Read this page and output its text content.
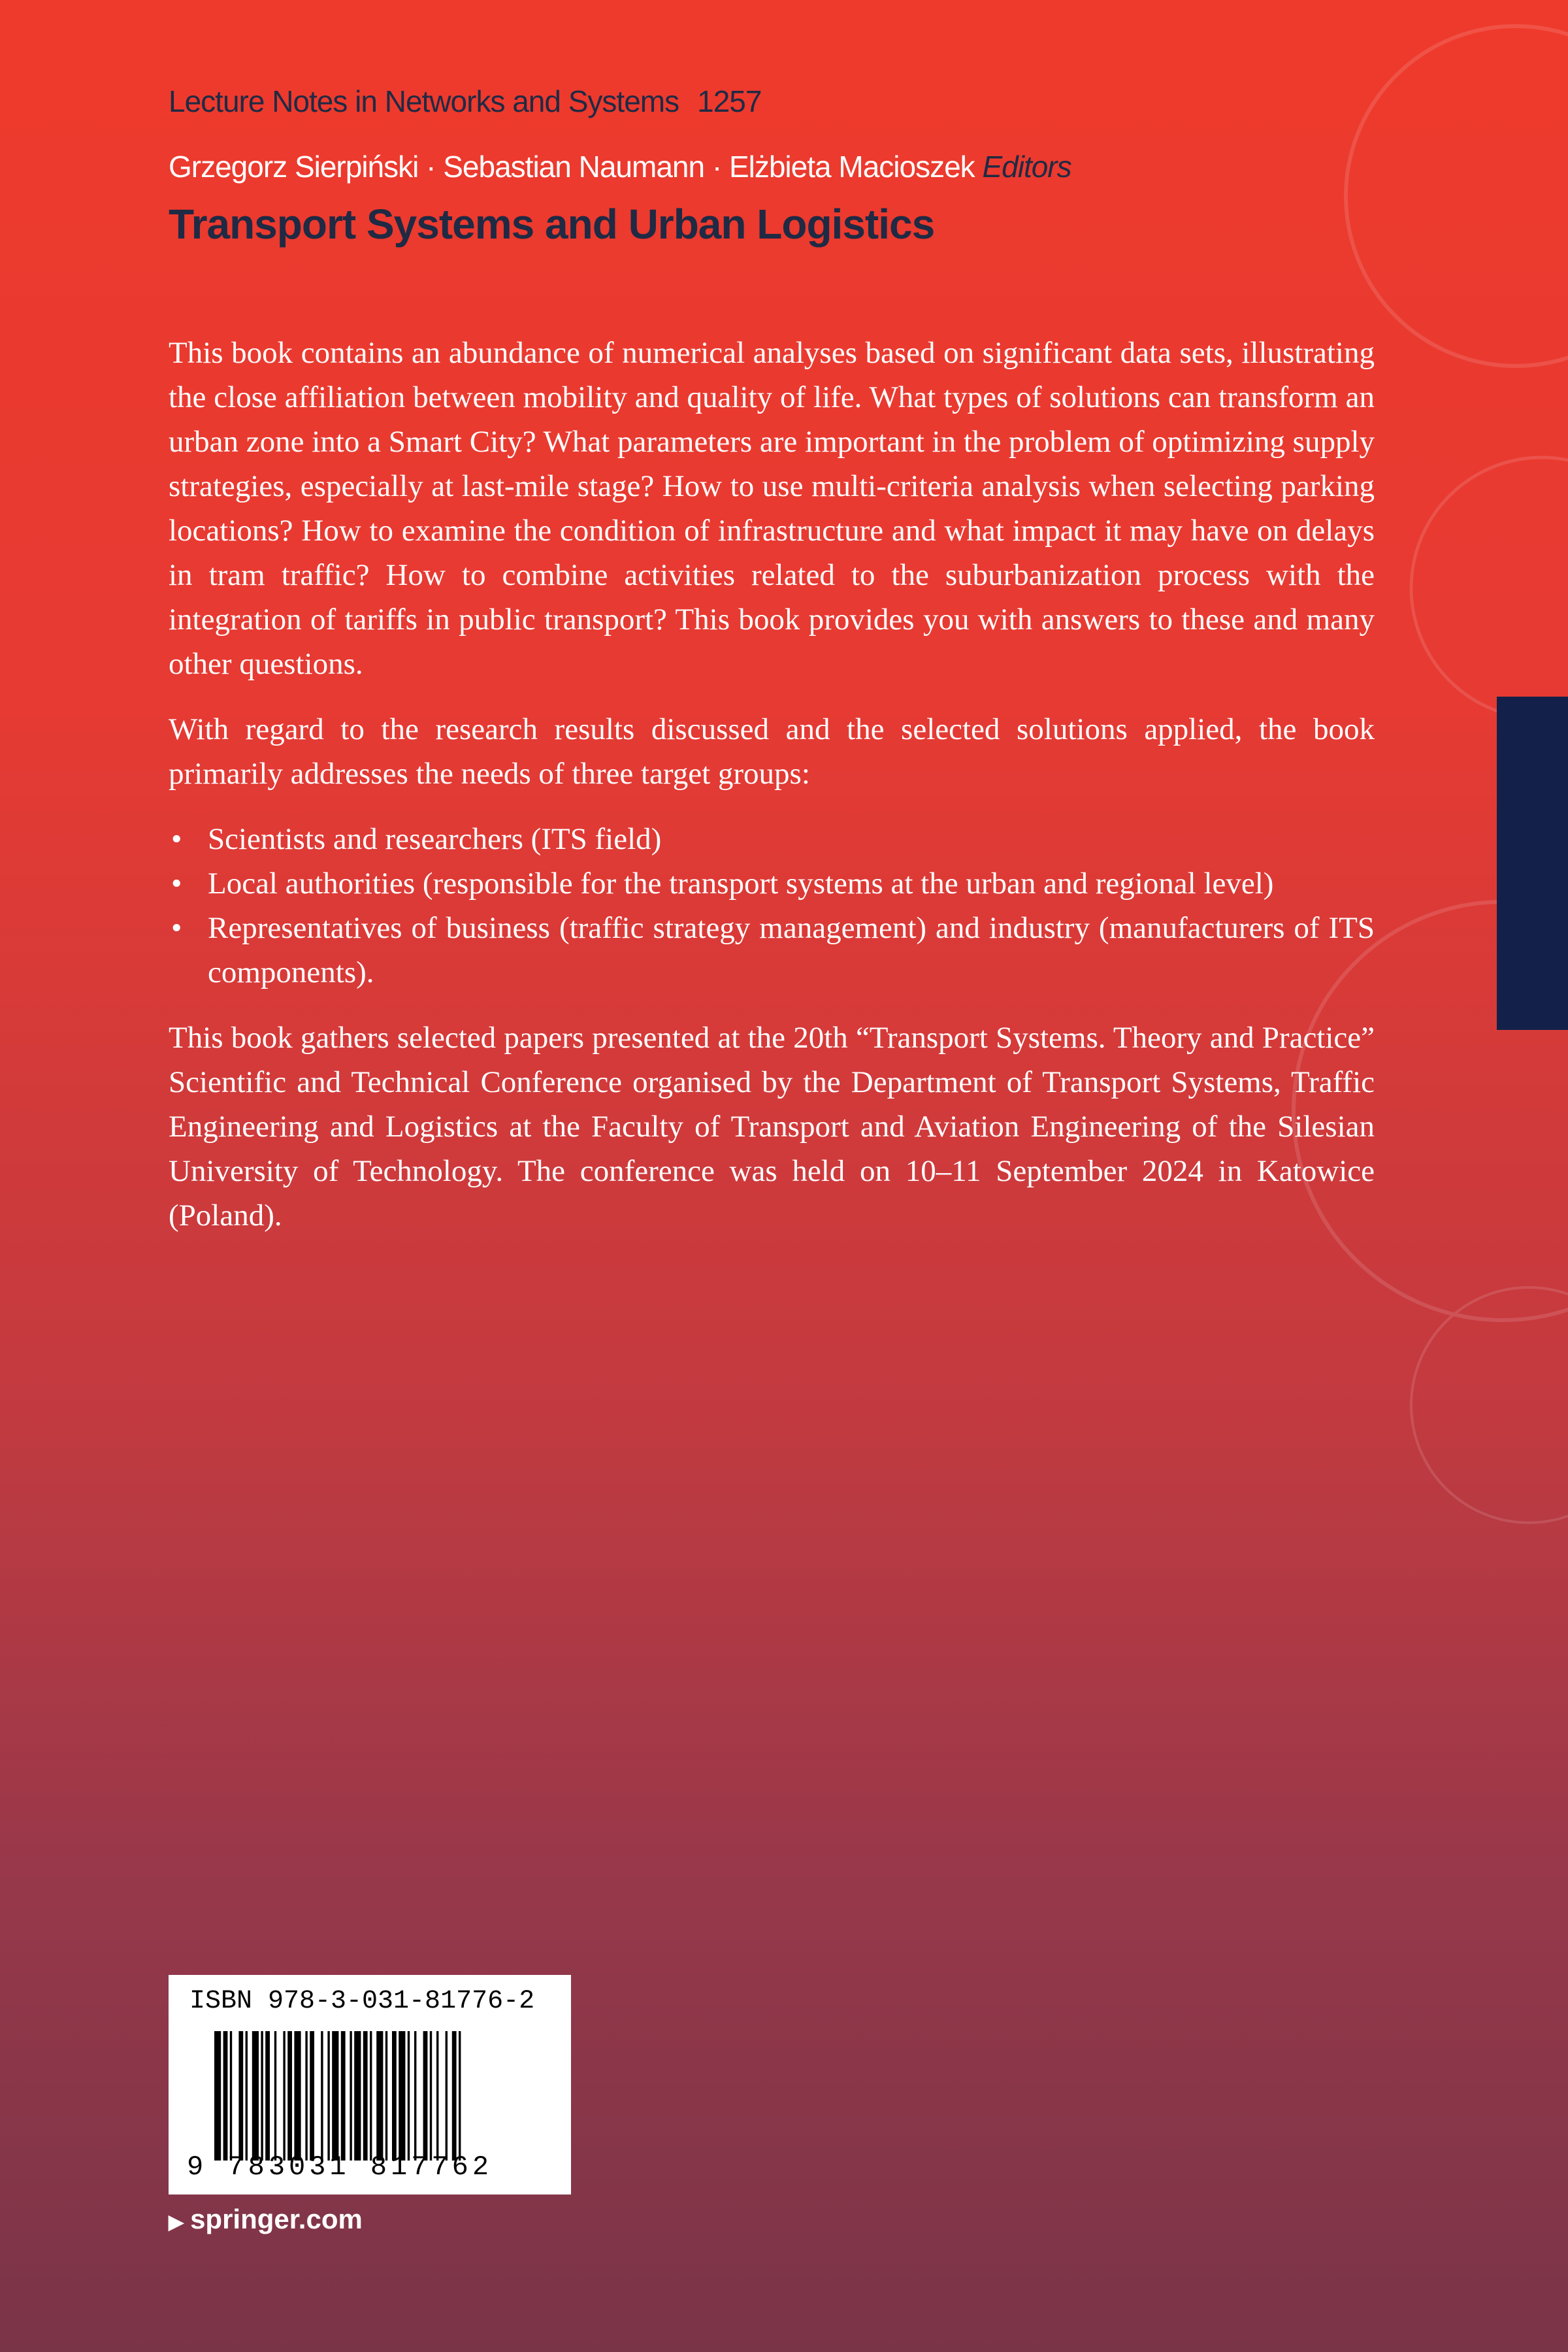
Lecture Notes in Networks and Systems 1257
Grzegorz Sierpiński · Sebastian Naumann · Elżbieta Macioszek Editors
Transport Systems and Urban Logistics

This book contains an abundance of numerical analyses based on significant data sets, illustrating the close affiliation between mobility and quality of life. What types of solutions can transform an urban zone into a Smart City? What parameters are important in the problem of optimizing supply strategies, especially at last-mile stage? How to use multi-criteria analysis when selecting parking locations? How to examine the condition of infrastructure and what impact it may have on delays in tram traffic? How to combine activities related to the suburbanization process with the integration of tariffs in public transport? This book provides you with answers to these and many other questions.

With regard to the research results discussed and the selected solutions applied, the book primarily addresses the needs of three target groups:

• Scientists and researchers (ITS field)
• Local authorities (responsible for the transport systems at the urban and regional level)
• Representatives of business (traffic strategy management) and industry (manufacturers of ITS components).

This book gathers selected papers presented at the 20th “Transport Systems. Theory and Practice” Scientific and Technical Conference organised by the Department of Transport Systems, Traffic Engineering and Logistics at the Faculty of Transport and Aviation Engineering of the Silesian University of Technology. The conference was held on 10–11 September 2024 in Katowice (Poland).

ISBN 978-3-031-81776-2
9 783031 817762
▶ springer.com
